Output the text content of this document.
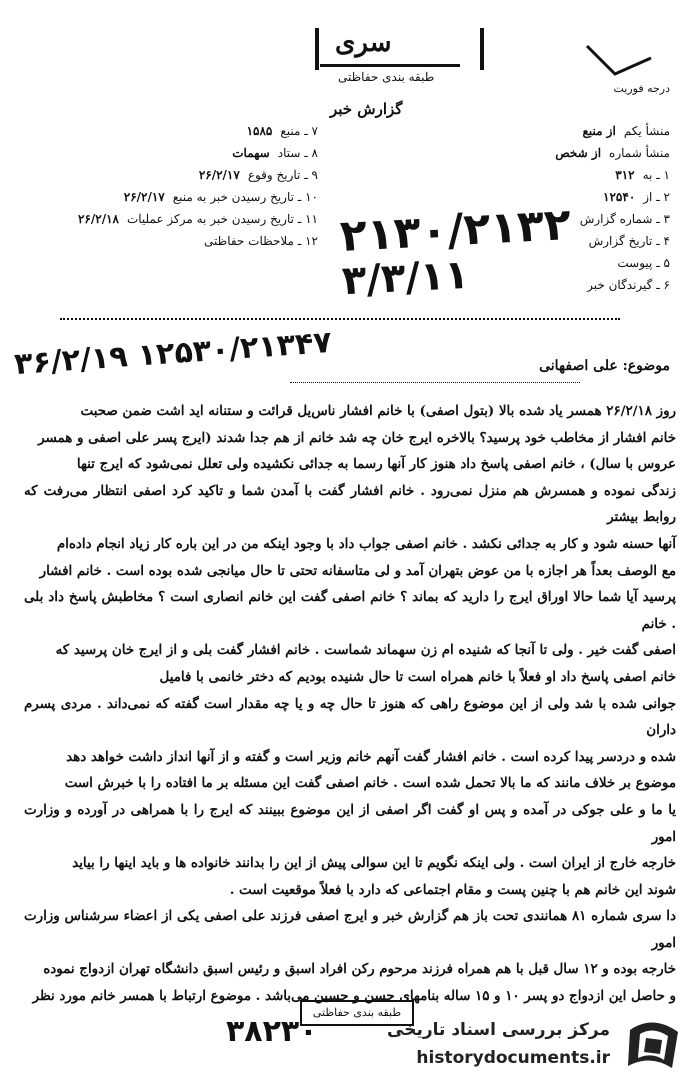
سری
طبقه بندی حفاظتی
گزارش خبر
درجه فوریت
منشأ یکم
از منبع
منشأ شماره
از شخص
۱ ـ به
۳۱۲
۲ ـ از
۱۲۵۴۰
۳ ـ شماره گزارش
۴ ـ تاریخ گزارش
۵ ـ پیوست
۶ ـ گیرندگان خبر
۷ ـ منبع
۱۵۸۵
۸ ـ ستاد
سهمات
۹ ـ تاریخ وقوع
۲۶/۲/۱۷
۱۰ ـ تاریخ رسیدن خبر به منبع
۲۶/۲/۱۷
۱۱ ـ تاریخ رسیدن خبر به مرکز عملیات
۲۶/۲/۱۸
۱۲ ـ ملاحظات حفاظتی ۲۱۳۰/۲۱۳۲
۳/۳/۱۱
۳۶/۲/۱۹ ۱۲۵۳۰/۲۱۳۴۷	موضوع: علی اصفهانی

روز ۲۶/۲/۱۸ همسر یاد شده بالا (بتول اصفی) با خانم افشار ناس‌یل قرائت و ستنانه اید اشت ضمن صحبت

خانم افشار از مخاطب خود پرسید؟ بالاخره ایرج خان چه شد خانم از هم جدا شدند (ایرج پسر علی اصفی و همسر

عروس با سال) ، خانم اصفی پاسخ داد هنوز کار آنها رسما به جدائی نکشیده ولی تعلل نمی‌شود که ایرج تنها

زندگی نموده و همسرش هم منزل نمی‌رود . خانم افشار گفت با آمدن شما و تاکید کرد اصفی انتظار می‌رفت که روابط بیشتر

آنها حسنه شود و کار به جدائی نکشد . خانم اصفی جواب داد با وجود اینکه من در این باره کار زیاد انجام داده‌ام

مع الوصف بعداً هر اجازه با من عوض بتهران آمد و لی متاسفانه تحتی تا حال میانجی شده بوده است . خانم افشار

پرسید آیا شما حالا اوراق ایرج را دارید که بماند ؟ خانم اصفی گفت این خانم انصاری است ؟ مخاطبش پاسخ داد بلی . خانم

اصفی گفت خیر . ولی تا آنجا که شنیده ام زن سهماند شماست . خانم افشار گفت بلی و از ایرج خان پرسید که

خانم اصفی پاسخ داد او فعلاً با خانم همراه است تا حال شنیده بودیم که دختر خانمی با فامیل

جوانی شده با شد ولی از این موضوع راهی که هنوز تا حال چه و یا چه مقدار است گفته که نمی‌داند . مردی پسرم داران

شده و دردسر پیدا کرده است . خانم افشار گفت آنهم خانم وزیر است و گفته و از آنها انداز داشت خواهد دهد

موضوع بر خلاف مانند که ما بالا تحمل شده است . خانم اصفی گفت این مسئله بر ما افتاده را با خبرش است

یا ما و علی جوکی در آمده و پس او گفت اگر اصفی از این موضوع ببینند که ایرج را با همراهی در آورده و وزارت امور

خارجه خارج از ایران است . ولی اینکه نگویم تا این سوالی پیش از این را بدانند خانواده ها و باید اینها را بیاید

شوند این خانم هم با چنین پست و مقام اجتماعی که دارد با فعلاً موقعیت است .

دا سری شماره ۸۱ همانندی تحت باز هم گزارش خبر و ایرج اصفی فرزند علی اصفی یکی از اعضاء سرشناس وزارت امور

خارجه بوده و ۱۲ سال قبل با هم همراه فرزند مرحوم رکن افراد اسبق و رئیس اسبق دانشگاه تهران ازدواج نموده

و حاصل این ازدواج دو پسر ۱۰ و ۱۵ ساله بنامهای حسن و حسین می‌باشد . موضوع ارتباط با همسر خانم مورد نظر

طبقه بندی حفاظتی
۳۸۲۳۰	مرکز بررسی اسناد تاریخی
historydocuments.ir
